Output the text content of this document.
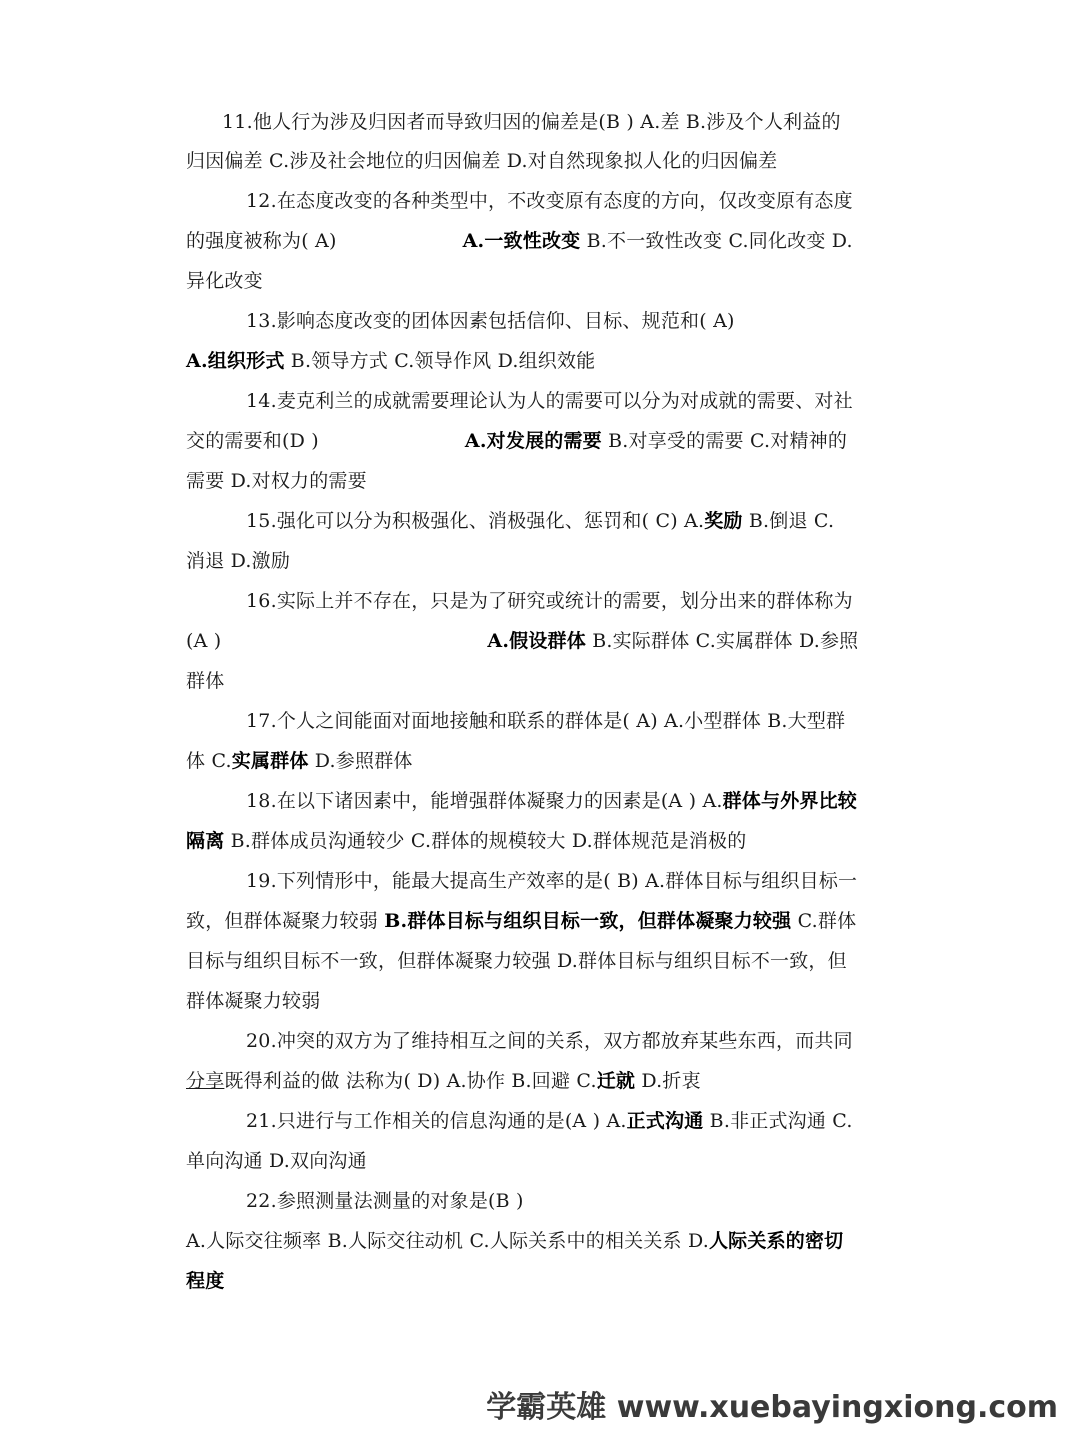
11.他人行为涉及归因者而导致归因的偏差是(B ) A.差 B.涉及个人利益的
归因偏差 C.涉及社会地位的归因偏差 D.对自然现象拟人化的归因偏差
12.在态度改变的各种类型中，不改变原有态度的方向，仅改变原有态度
的强度被称为( A)	A.一致性改变 B.不一致性改变 C.同化改变 D.
异化改变
13.影响态度改变的团体因素包括信仰、目标、规范和( A)
A.组织形式 B.领导方式 C.领导作风 D.组织效能
14.麦克利兰的成就需要理论认为人的需要可以分为对成就的需要、对社
交的需要和(D )	A.对发展的需要 B.对享受的需要 C.对精神的
需要 D.对权力的需要
15.强化可以分为积极强化、消极强化、惩罚和( C) A.奖励 B.倒退 C.
消退 D.激励
16.实际上并不存在，只是为了研究或统计的需要，划分出来的群体称为
(A )	A.假设群体 B.实际群体 C.实属群体 D.参照
群体
17.个人之间能面对面地接触和联系的群体是( A) A.小型群体 B.大型群
体 C.实属群体 D.参照群体
18.在以下诸因素中，能增强群体凝聚力的因素是(A ) A.群体与外界比较
隔离 B.群体成员沟通较少 C.群体的规模较大 D.群体规范是消极的
19.下列情形中，能最大提高生产效率的是( B) A.群体目标与组织目标一
致，但群体凝聚力较弱 B.群体目标与组织目标一致，但群体凝聚力较强 C.群体
目标与组织目标不一致，但群体凝聚力较强 D.群体目标与组织目标不一致，但
群体凝聚力较弱
20.冲突的双方为了维持相互之间的关系，双方都放弃某些东西，而共同
分享既得利益的做 法称为( D) A.协作 B.回避 C.迁就 D.折衷
21.只进行与工作相关的信息沟通的是(A ) A.正式沟通 B.非正式沟通 C.
单向沟通 D.双向沟通
22.参照测量法测量的对象是(B )
A.人际交往频率 B.人际交往动机 C.人际关系中的相关关系 D.人际关系的密切
程度
学霸英雄 www.xuebayingxiong.com
